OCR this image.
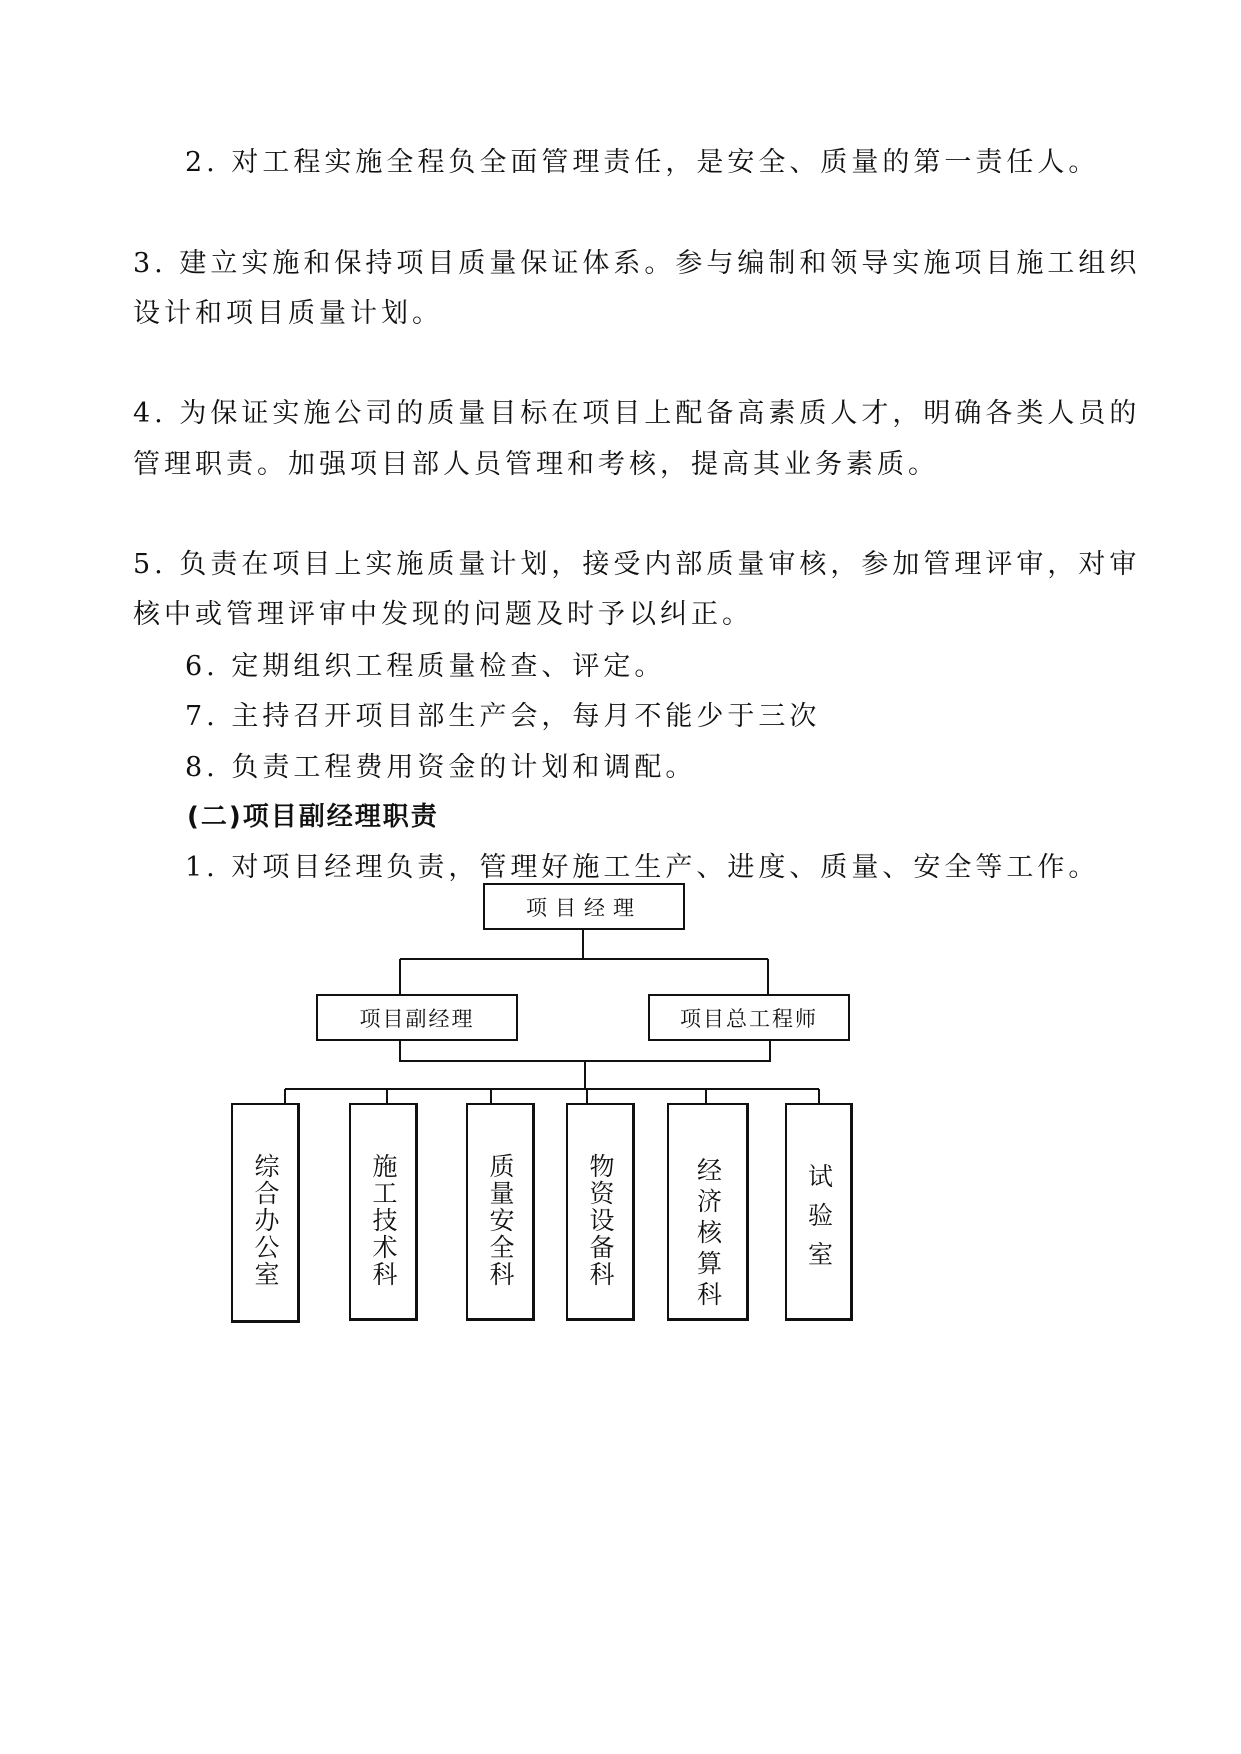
2. 对工程实施全程负全面管理责任，是安全、质量的第一责任人。
3. 建立实施和保持项目质量保证体系。参与编制和领导实施项目施工组织
设计和项目质量计划。
4. 为保证实施公司的质量目标在项目上配备高素质人才，明确各类人员的
管理职责。加强项目部人员管理和考核，提高其业务素质。
5. 负责在项目上实施质量计划，接受内部质量审核，参加管理评审，对审
核中或管理评审中发现的问题及时予以纠正。
6. 定期组织工程质量检查、评定。
7. 主持召开项目部生产会，每月不能少于三次
8. 负责工程费用资金的计划和调配。
(二)项目副经理职责
1. 对项目经理负责，管理好施工生产、进度、质量、安全等工作。
项目经理
项目副经理	项目总工程师
综合办公室	施工技术科	质量安全科	物资设备科	经济核算科	试验室
